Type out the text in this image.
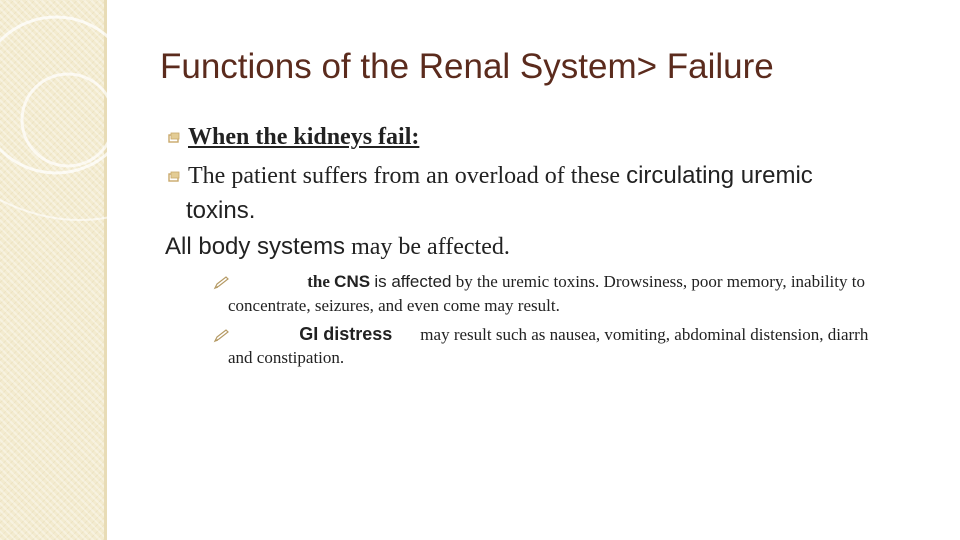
Functions of the Renal System> Failure
When the kidneys fail:
The patient suffers from an overload of these circulating uremic
toxins.
All body systems may be affected.
the CNS is affected by the uremic toxins. Drowsiness, poor memory, inability to
concentrate, seizures, and even come may result.
GI distress may result such as nausea, vomiting, abdominal distension, diarrh
and constipation.
